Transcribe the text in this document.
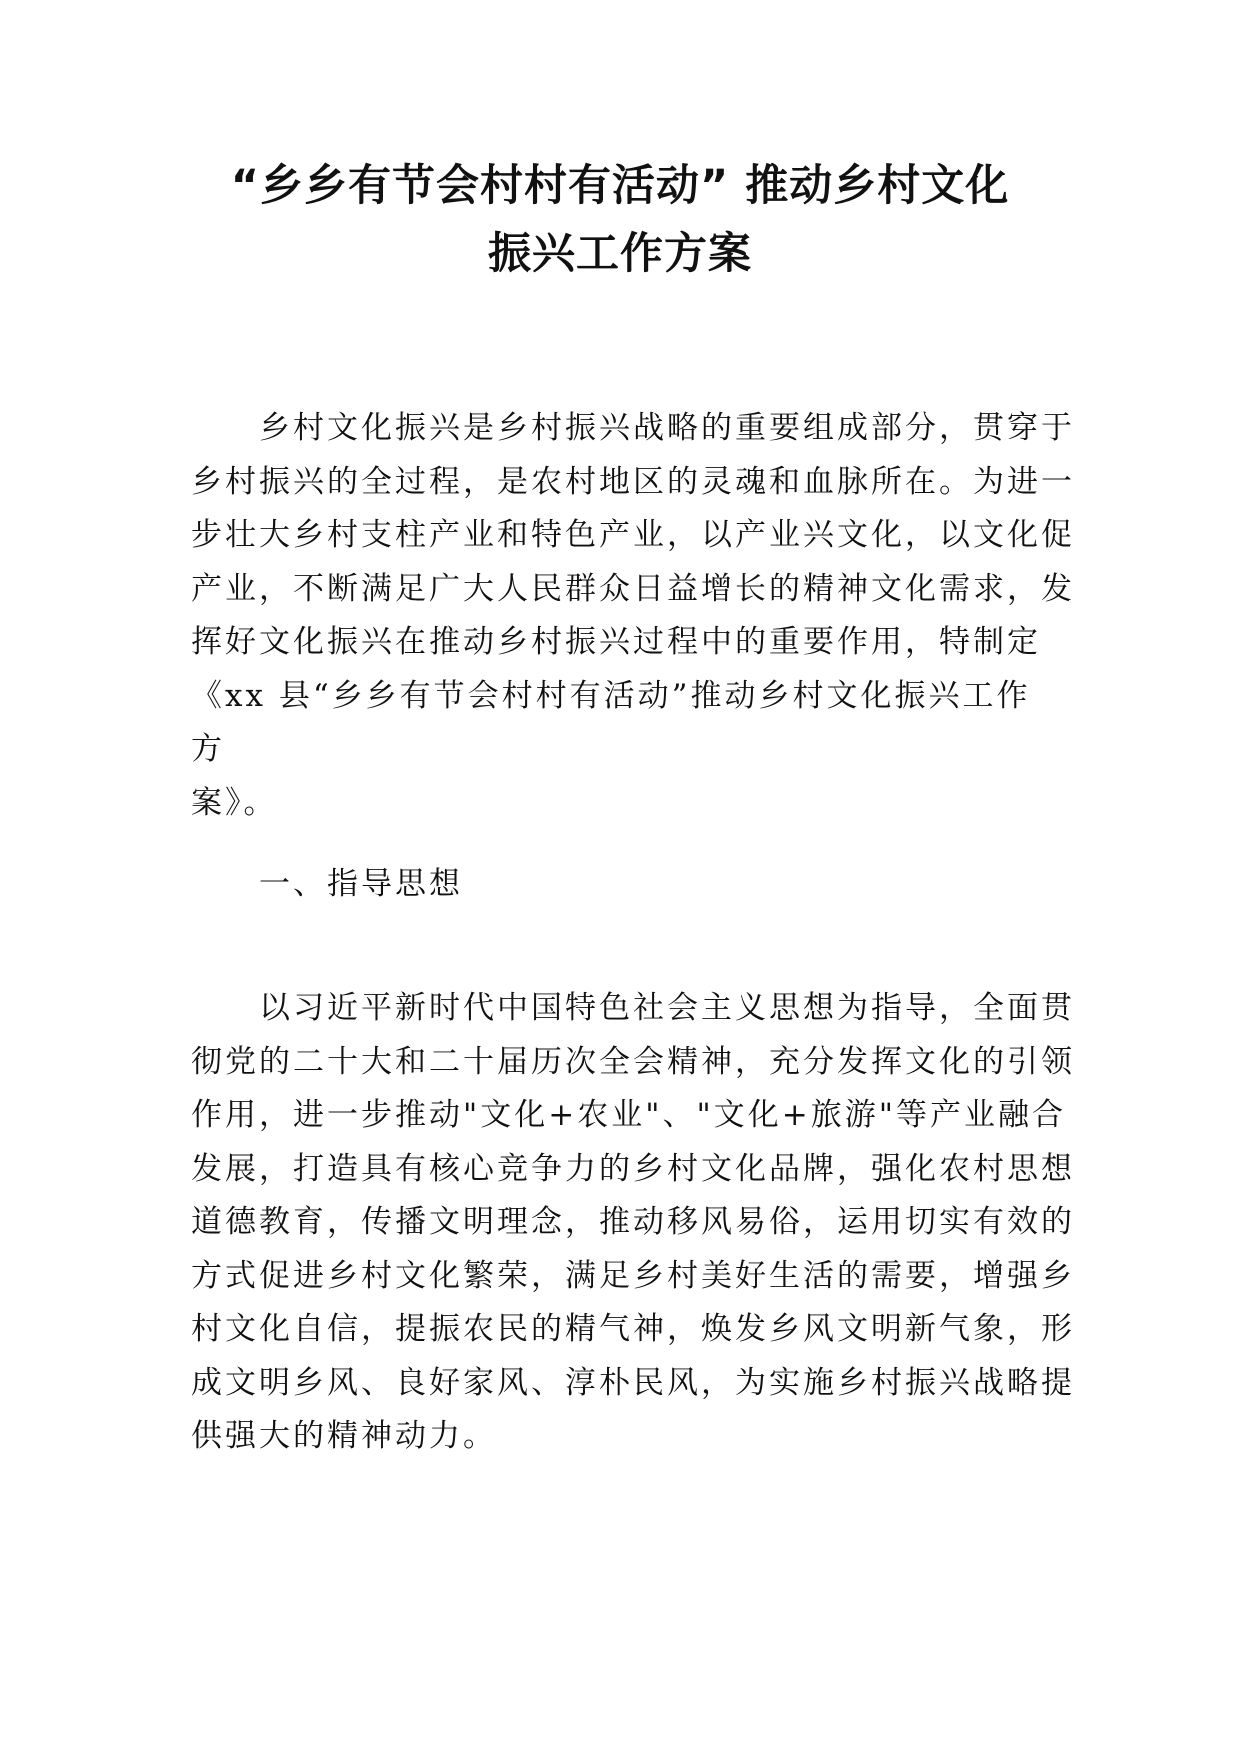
“乡乡有节会村村有活动” 推动乡村文化
振兴工作方案

　　乡村文化振兴是乡村振兴战略的重要组成部分，贯穿于
乡村振兴的全过程，是农村地区的灵魂和血脉所在。为进一
步壮大乡村支柱产业和特色产业，以产业兴文化，以文化促
产业，不断满足广大人民群众日益增长的精神文化需求，发
挥好文化振兴在推动乡村振兴过程中的重要作用，特制定
《xx 县“乡乡有节会村村有活动”推动乡村文化振兴工作
方
案》。

　　一、指导思想

　　以习近平新时代中国特色社会主义思想为指导，全面贯
彻党的二十大和二十届历次全会精神，充分发挥文化的引领
作用，进一步推动"文化+农业"、"文化+旅游"等产业融合
发展，打造具有核心竞争力的乡村文化品牌，强化农村思想
道德教育，传播文明理念，推动移风易俗，运用切实有效的
方式促进乡村文化繁荣，满足乡村美好生活的需要，增强乡
村文化自信，提振农民的精气神，焕发乡风文明新气象，形
成文明乡风、良好家风、淳朴民风，为实施乡村振兴战略提
供强大的精神动力。
